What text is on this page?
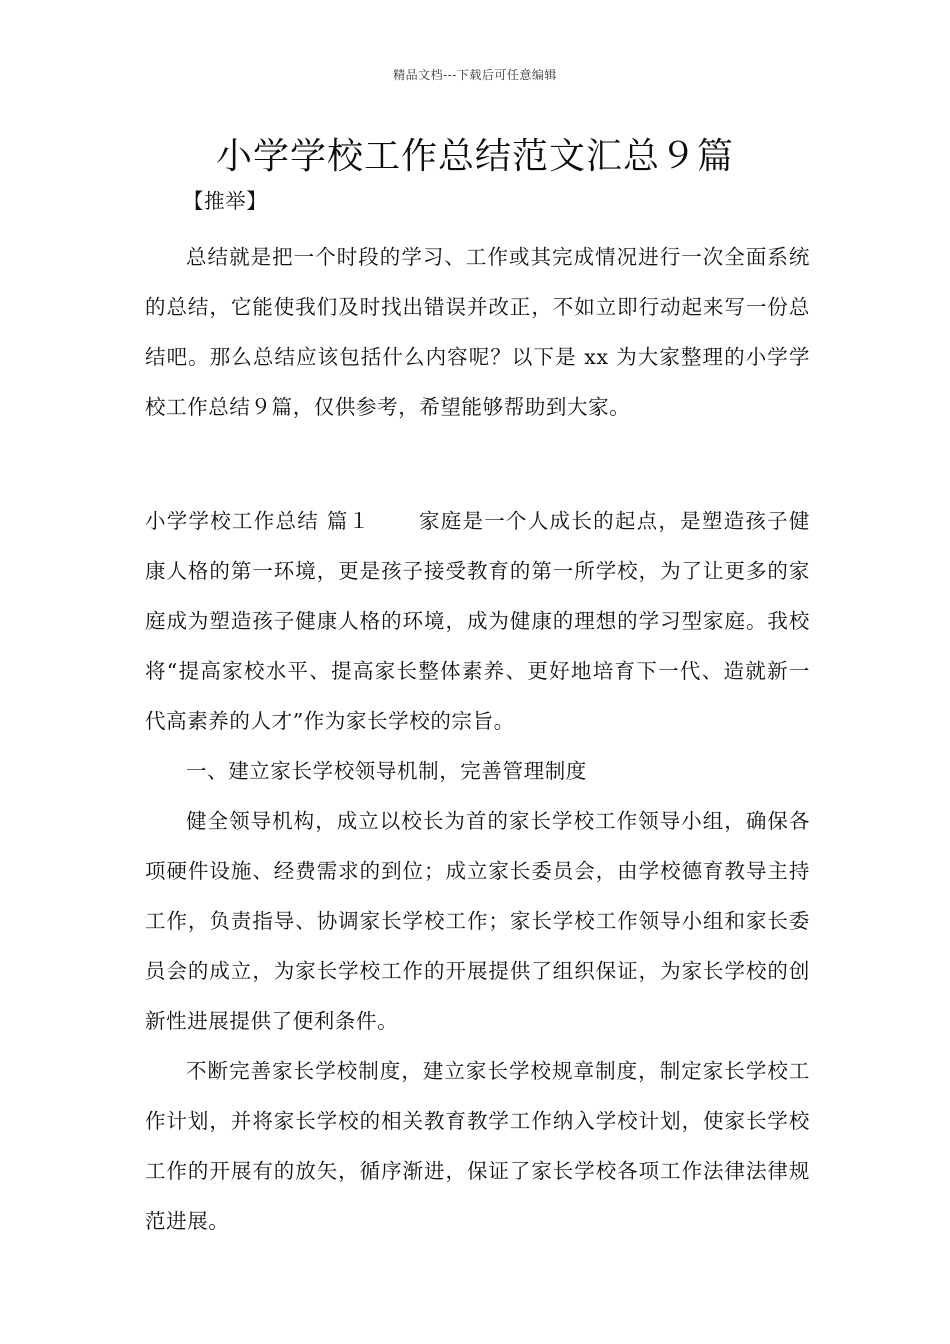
精品文档---下载后可任意编辑
小学学校工作总结范文汇总９篇
【推举】

总结就是把一个时段的学习、工作或其完成情况进行一次全面系统的总结，它能使我们及时找出错误并改正，不如立即行动起来写一份总结吧。那么总结应该包括什么内容呢？以下是 xx 为大家整理的小学学校工作总结９篇，仅供参考，希望能够帮助到大家。

小学学校工作总结 篇１ 家庭是一个人成长的起点，是塑造孩子健康人格的第一环境，更是孩子接受教育的第一所学校，为了让更多的家庭成为塑造孩子健康人格的环境，成为健康的理想的学习型家庭。我校将“提高家校水平、提高家长整体素养、更好地培育下一代、造就新一代高素养的人才”作为家长学校的宗旨。

一、建立家长学校领导机制，完善管理制度

健全领导机构，成立以校长为首的家长学校工作领导小组，确保各项硬件设施、经费需求的到位；成立家长委员会，由学校德育教导主持工作，负责指导、协调家长学校工作；家长学校工作领导小组和家长委员会的成立，为家长学校工作的开展提供了组织保证，为家长学校的创新性进展提供了便利条件。

不断完善家长学校制度，建立家长学校规章制度，制定家长学校工作计划，并将家长学校的相关教育教学工作纳入学校计划，使家长学校工作的开展有的放矢，循序渐进，保证了家长学校各项工作法律法律规范进展。
